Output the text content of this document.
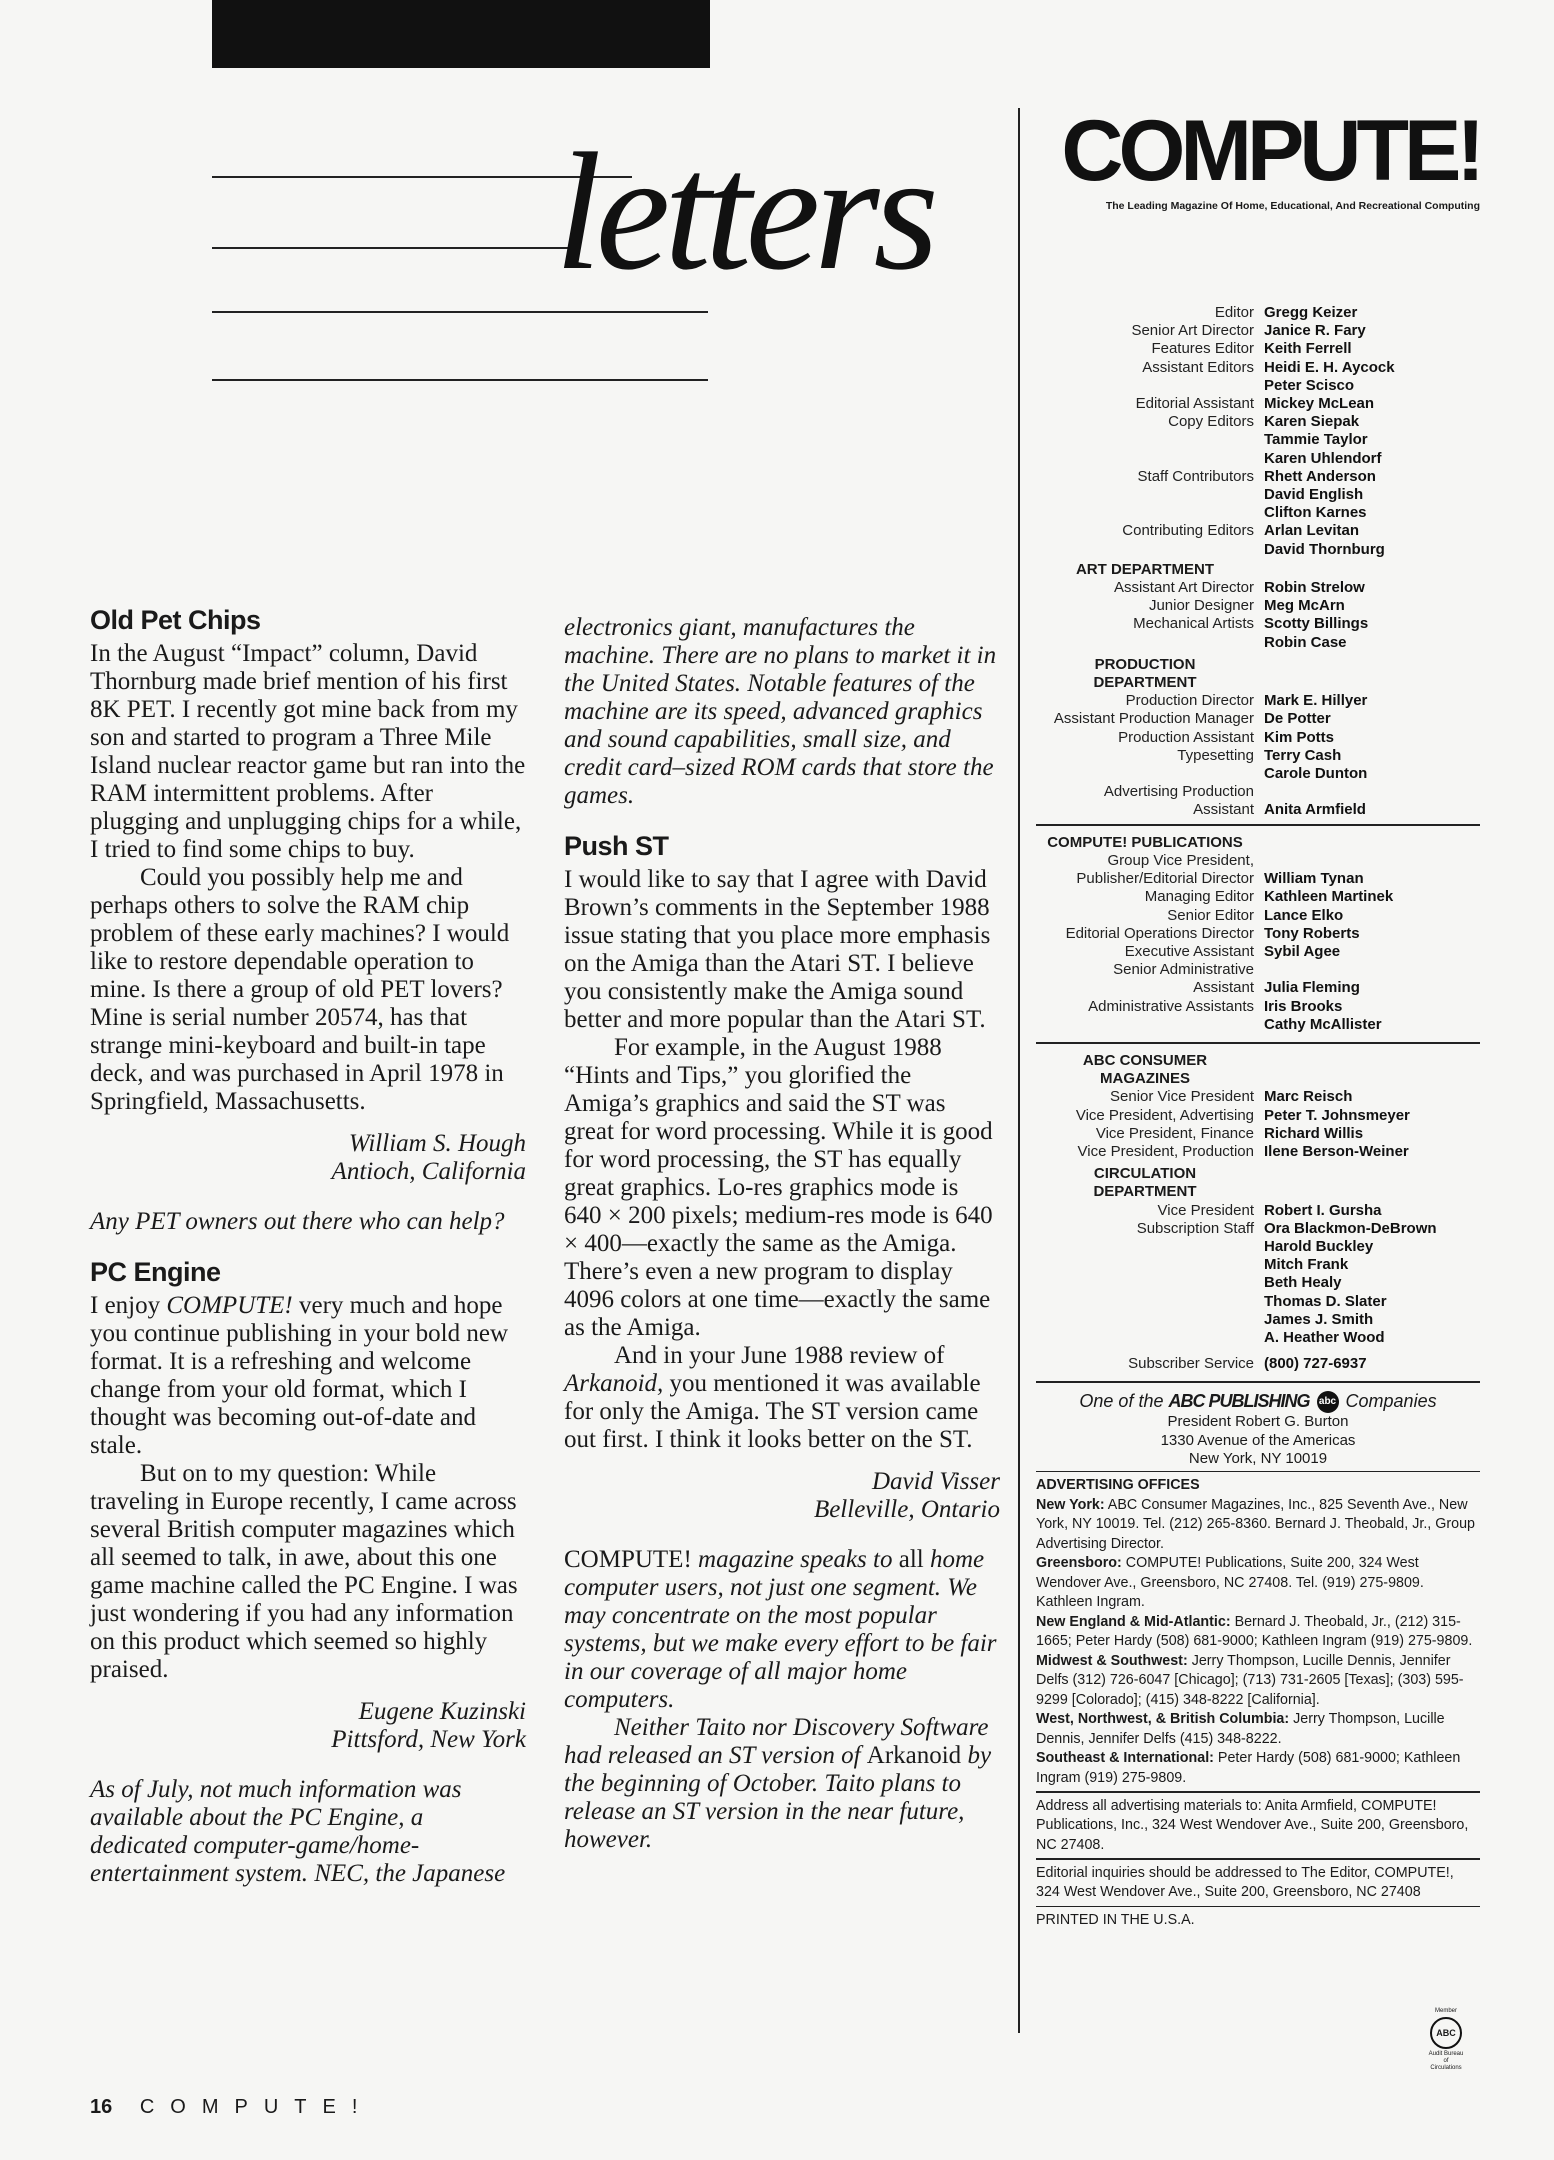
letters
Old Pet Chips

In the August “Impact” column, David Thornburg made brief mention of his first 8K PET. I recently got mine back from my son and started to program a Three Mile Island nuclear reactor game but ran into the RAM intermittent problems. After plugging and unplugging chips for a while, I tried to find some chips to buy.

Could you possibly help me and perhaps others to solve the RAM chip problem of these early machines? I would like to restore dependable operation to mine. Is there a group of old PET lovers? Mine is serial number 20574, has that strange mini-keyboard and built-in tape deck, and was purchased in April 1978 in Springfield, Massachusetts.

William S. Hough

Antioch, California

Any PET owners out there who can help?

PC Engine

I enjoy COMPUTE! very much and hope you continue publishing in your bold new format. It is a refreshing and welcome change from your old format, which I thought was becoming out-of-date and stale.

But on to my question: While traveling in Europe recently, I came across several British computer magazines which all seemed to talk, in awe, about this one game machine called the PC Engine. I was just wondering if you had any information on this product which seemed so highly praised.

Eugene Kuzinski

Pittsford, New York

As of July, not much information was available about the PC Engine, a dedicated computer-game/home-entertainment system. NEC, the Japanese

electronics giant, manufactures the machine. There are no plans to market it in the United States. Notable features of the machine are its speed, advanced graphics and sound capabilities, small size, and credit card–sized ROM cards that store the games.

Push ST

I would like to say that I agree with David Brown’s comments in the September 1988 issue stating that you place more emphasis on the Amiga than the Atari ST. I believe you consistently make the Amiga sound better and more popular than the Atari ST.

For example, in the August 1988 “Hints and Tips,” you glorified the Amiga’s graphics and said the ST was great for word processing. While it is good for word processing, the ST has equally great graphics. Lo-res graphics mode is 640 × 200 pixels; medium-res mode is 640 × 400—exactly the same as the Amiga. There’s even a new program to display 4096 colors at one time—exactly the same as the Amiga.

And in your June 1988 review of Arkanoid, you mentioned it was available for only the Amiga. The ST version came out first. I think it looks better on the ST.

David Visser

Belleville, Ontario

COMPUTE! magazine speaks to all home computer users, not just one segment. We may concentrate on the most popular systems, but we make every effort to be fair in our coverage of all major home computers.

Neither Taito nor Discovery Software had released an ST version of Arkanoid by the beginning of October. Taito plans to release an ST version in the near future, however.

COMPUTE!

The Leading Magazine Of Home, Educational, And Recreational Computing

Editor Gregg Keizer
Senior Art Director Janice R. Fary
Features Editor Keith Ferrell
Assistant Editors Heidi E. H. Aycock
Peter Scisco
Editorial Assistant Mickey McLean
Copy Editors Karen Siepak
Tammie Taylor
Karen Uhlendorf
Staff Contributors Rhett Anderson
David English
Clifton Karnes
Contributing Editors Arlan Levitan
David Thornburg
ART DEPARTMENT
Assistant Art Director Robin Strelow
Junior Designer Meg McArn
Mechanical Artists Scotty Billings
Robin Case
PRODUCTION
DEPARTMENT
Production Director Mark E. Hillyer
Assistant Production Manager De Potter
Production Assistant Kim Potts
Typesetting Terry Cash
Carole Dunton
Advertising Production
Assistant Anita Armfield
COMPUTE! PUBLICATIONS
Group Vice President,
Publisher/Editorial Director William Tynan
Managing Editor Kathleen Martinek
Senior Editor Lance Elko
Editorial Operations Director Tony Roberts
Executive Assistant Sybil Agee
Senior Administrative
Assistant Julia Fleming
Administrative Assistants Iris Brooks
Cathy McAllister
ABC CONSUMER
MAGAZINES
Senior Vice President Marc Reisch
Vice President, Advertising Peter T. Johnsmeyer
Vice President, Finance Richard Willis
Vice President, Production Ilene Berson-Weiner
CIRCULATION
DEPARTMENT
Vice President Robert I. Gursha
Subscription Staff Ora Blackmon-DeBrown
Harold Buckley
Mitch Frank
Beth Healy
Thomas D. Slater
James J. Smith
A. Heather Wood
Subscriber Service (800) 727-6937

One of the ABC PUBLISHING abc Companies

President Robert G. Burton

1330 Avenue of the Americas

New York, NY 10019

ADVERTISING OFFICES

New York: ABC Consumer Magazines, Inc., 825 Seventh Ave., New York, NY 10019. Tel. (212) 265-8360. Bernard J. Theobald, Jr., Group Advertising Director.

Greensboro: COMPUTE! Publications, Suite 200, 324 West Wendover Ave., Greensboro, NC 27408. Tel. (919) 275-9809. Kathleen Ingram.

New England & Mid-Atlantic: Bernard J. Theobald, Jr., (212) 315-1665; Peter Hardy (508) 681-9000; Kathleen Ingram (919) 275-9809.

Midwest & Southwest: Jerry Thompson, Lucille Dennis, Jennifer Delfs (312) 726-6047 [Chicago]; (713) 731-2605 [Texas]; (303) 595-9299 [Colorado]; (415) 348-8222 [California].

West, Northwest, & British Columbia: Jerry Thompson, Lucille Dennis, Jennifer Delfs (415) 348-8222.

Southeast & International: Peter Hardy (508) 681-9000; Kathleen Ingram (919) 275-9809.

Address all advertising materials to: Anita Armfield, COMPUTE! Publications, Inc., 324 West Wendover Ave., Suite 200, Greensboro, NC 27408.

Editorial inquiries should be addressed to The Editor, COMPUTE!, 324 West Wendover Ave., Suite 200, Greensboro, NC 27408

PRINTED IN THE U.S.A.

Member
ABC
Audit Bureau of Circulations
16 COMPUTE!
